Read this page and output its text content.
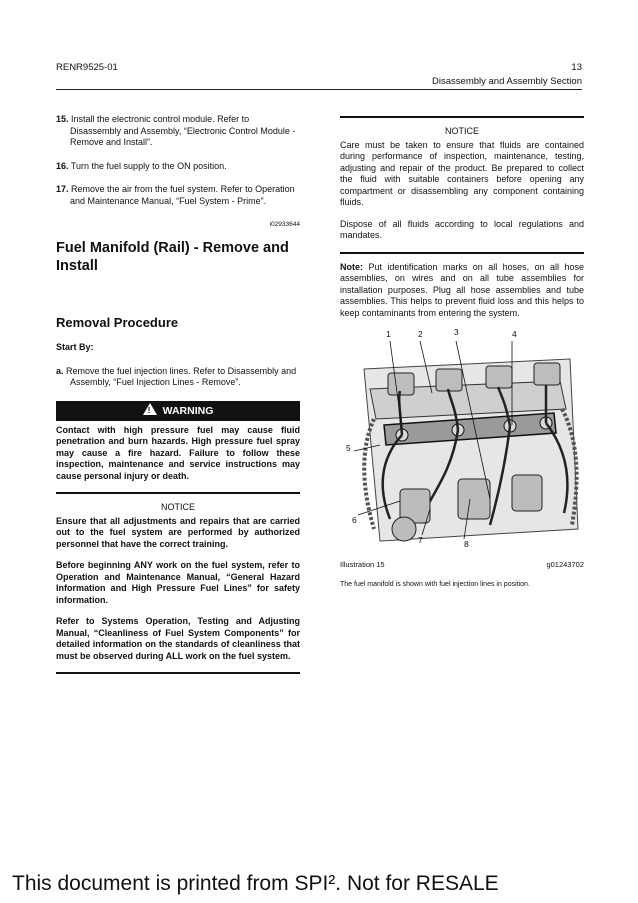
RENR9525-01	13
Disassembly and Assembly Section
15. Install the electronic control module. Refer to Disassembly and Assembly, “Electronic Control Module - Remove and Install”.
16. Turn the fuel supply to the ON position.
17. Remove the air from the fuel system. Refer to Operation and Maintenance Manual, “Fuel System - Prime”.
i02933644
Fuel Manifold (Rail) - Remove and Install
Removal Procedure
Start By:
a. Remove the fuel injection lines. Refer to Disassembly and Assembly, “Fuel Injection Lines - Remove”.
! WARNING
Contact with high pressure fuel may cause fluid penetration and burn hazards. High pressure fuel spray may cause a fire hazard. Failure to follow these inspection, maintenance and service instructions may cause personal injury or death.
NOTICE
Ensure that all adjustments and repairs that are carried out to the fuel system are performed by authorized personnel that have the correct training.
Before beginning ANY work on the fuel system, refer to Operation and Maintenance Manual, “General Hazard Information and High Pressure Fuel Lines” for safety information.
Refer to Systems Operation, Testing and Adjusting Manual, “Cleanliness of Fuel System Components” for detailed information on the standards of cleanliness that must be observed during ALL work on the fuel system.
NOTICE
Care must be taken to ensure that fluids are contained during performance of inspection, maintenance, testing, adjusting and repair of the product. Be prepared to collect the fluid with suitable containers before opening any compartment or disassembling any component containing fluids.
Dispose of all fluids according to local regulations and mandates.
Note: Put identification marks on all hoses, on all hose assemblies, on wires and on all tube assemblies for installation purposes. Plug all hose assemblies and tube assemblies. This helps to prevent fluid loss and this helps to keep contaminants from entering the system.
1	2	3	4
5
6
7	8
Illustration 15	g01243702
The fuel manifold is shown with fuel injection lines in position.
This document is printed from SPI². Not for RESALE
